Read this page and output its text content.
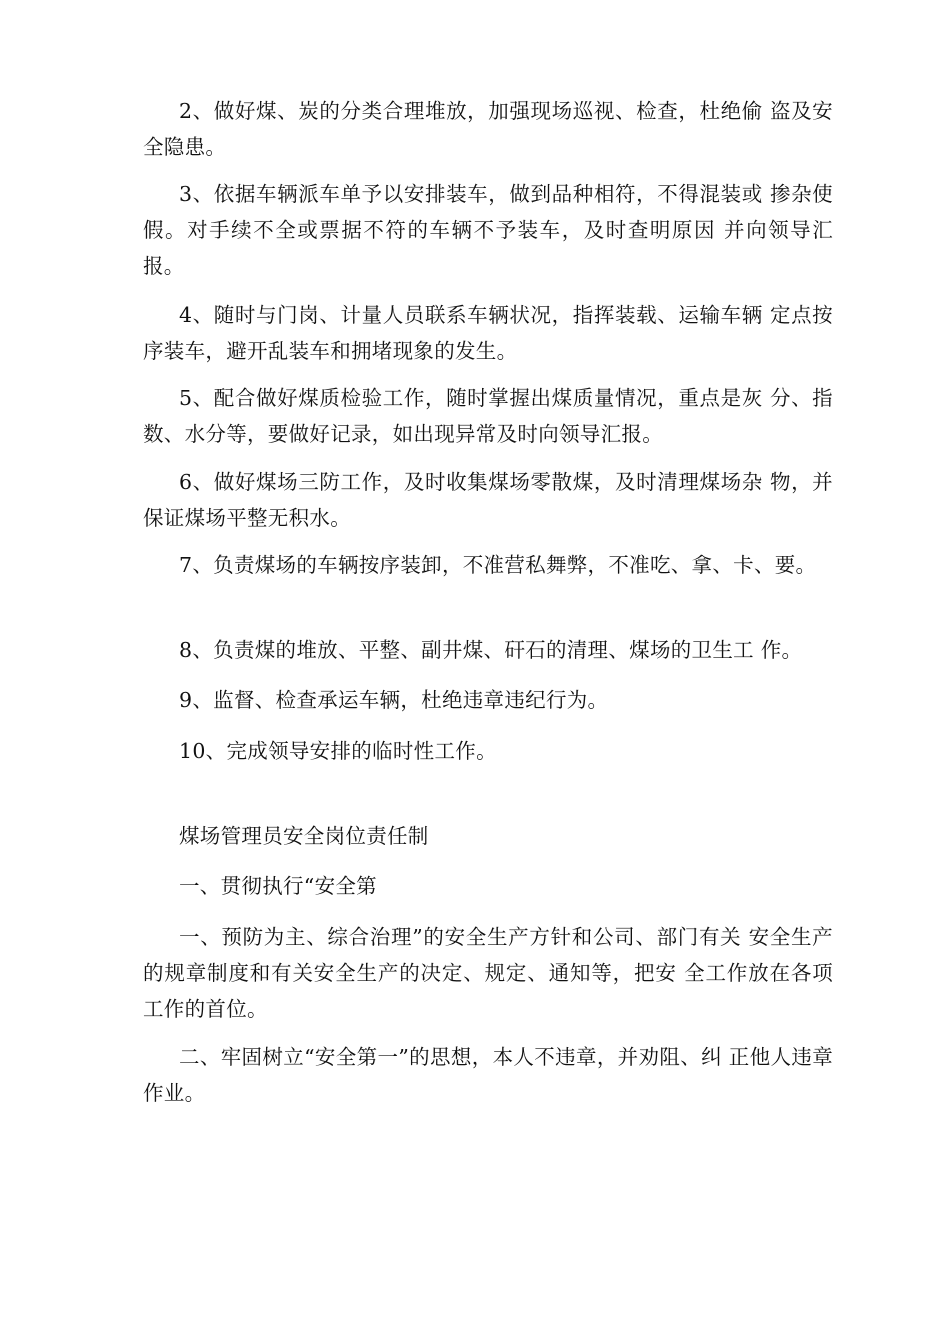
2、做好煤、炭的分类合理堆放，加强现场巡视、检查，杜绝偷 盗及安全隐患。

3、依据车辆派车单予以安排装车，做到品种相符，不得混装或 掺杂使假。对手续不全或票据不符的车辆不予装车，及时查明原因 并向领导汇报。

4、随时与门岗、计量人员联系车辆状况，指挥装载、运输车辆 定点按序装车，避开乱装车和拥堵现象的发生。

5、配合做好煤质检验工作，随时掌握出煤质量情况，重点是灰 分、指数、水分等，要做好记录，如出现异常及时向领导汇报。

6、做好煤场三防工作，及时收集煤场零散煤，及时清理煤场杂 物，并保证煤场平整无积水。

7、负责煤场的车辆按序装卸，不准营私舞弊，不准吃、拿、卡、要。

8、负责煤的堆放、平整、副井煤、矸石的清理、煤场的卫生工 作。

9、监督、检查承运车辆，杜绝违章违纪行为。

10、完成领导安排的临时性工作。

煤场管理员安全岗位责任制

一、贯彻执行“安全第

一、预防为主、综合治理”的安全生产方针和公司、部门有关 安全生产的规章制度和有关安全生产的决定、规定、通知等，把安 全工作放在各项工作的首位。

二、牢固树立“安全第一”的思想，本人不违章，并劝阻、纠 正他人违章作业。
